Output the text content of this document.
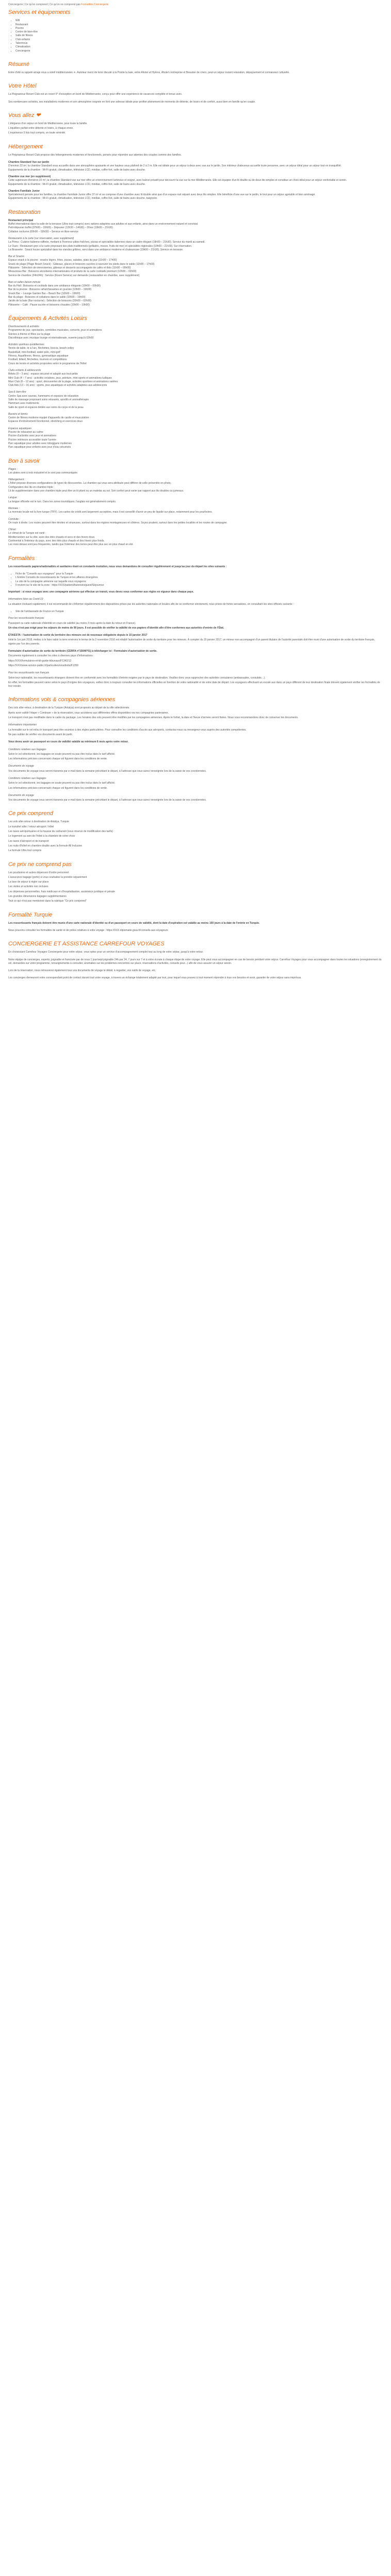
Conciergerie | Ce qu'on comprend | Ce qu'on ne comprend pas Formalités Conciergerie
Services et équipements
• Wifi
• Restaurant
• Piscine
• Centre de bien-être
• Salle de fitness
• Club enfants
• Tabernous
• Climatisation
• Conciergerie
Résumé

Entre d'été ou appelé amaje vous a soleil méditerranéen ☀. Autoleur merci de tenir discuté à la Pointe la baie, entre Ahotel et Hyères, Ahotel s'entreprise et Beaurier de criers, peut un séjour instant relaxation, dépaysement et connaissez culturelle.

Votre Hôtel

La Peignaneuz Resort Club est un resort 5* d'exception en bord de Méditerranée, conçu pour offrir une expérience de vacances complète et tenue avec.

Ses nombreuses activités, ses installations modernes et son atmosphère soignée en font une adresse idéale pour profiter pleinement de moments de détente, de loisirs et de confort, aussi bien en famille qu'en couple.

Vous allez ❤

L'élégance d'un séjour en bord de Méditerranée, pour toute la famille.

L'équilibre parfait entre détente et loisirs, à chaque envie.

L'expérience 5 fois tout compris, en toute sérénité.

Hébergement

Le Peignaneuz Resort Club propose des hébergements modernes et fonctionnels, pensés pour répondre aux attentes des couples comme des familles.

Chambre Standard Vue sur jardin

D'environ 22 m², la chambre Standard vous accueille dans une atmosphère apaisante et une hauteur sous plafond de 2 à 2 m. Elle est idéale pour un séjour à deux avec vue sur le jardin. Son intérieur chaleureux accueille toute personne, avec un séjour idéal pour un séjour tout en tranquillité.

Équipements de la chambre : Wi-Fi gratuit, climatisation, télévision LCD, minibar, coffre-fort, salle de bains avec douche.

Chambre vue mer (en supplément)

Cette supérieure d'environ 22 m², la chambre Standard vue sur mer offre un environnement lumineux et soigné, avec balcon privatif pour découvrir la vue sur la mer Méditerranée. Elle est équipée d'un lit double ou de deux lits simples et constitue un choix idéal pour un séjour confortable et serein.

Équipements de la chambre : Wi-Fi gratuit, climatisation, télévision LCD, minibar, coffre-fort, salle de bains avec douche.

Chambre Familiale Junior

Spécialement pensée pour les familles, la chambre Familiale Junior offre 37 m² et se compose d'une chambre avec lit double ainsi que d'un espace nuit séparé avec deux lits simples. Elle bénéficie d'une vue sur le jardin, le tout pour un séjour agréable et bien aménagé.

Équipements de la chambre : Wi-Fi gratuit, climatisation, télévision LCD, minibar, coffre-fort, salle de bains avec douche, baignoire.

Restauration

Restaurant principal

Buffet international dans la salle de la terrasse (Ultra tout compris) avec options adaptées aux adultes et aux enfants, ainsi dans un environnement naturel et convivial.

Petit-déjeuner buffet (07h00 – 10h00) – Déjeuner (12h30 – 14h30) – Dîner (19h00 – 21h30)

Collation nocturne (00h00 – 02h00) – Service en libre-service

Restaurants à la carte (sur réservation, avec supplément)

La Prima : Cuisine italienne raffinée, mettant à l'honneur pâtes fraîches, pizzas et spécialités italiennes dans un cadre élégant (19h00 – 21h30). Service du mardi au samedi.

Le Ouzo : Restaurant grec à la carte proposant des plats traditionnels (grillades, mezze, fruits de mer) et spécialités régionales (19h00 – 21h30). Sur réservation.

La Brasserie : Snack house spécialisé dans les viandes grillées, servi dans une ambiance moderne et chaleureuse (19h00 – 21h30). Service en terrasse.

Bar et Snacks

Espace snack à la piscine : snacks légers, frites, pizzas, salades, plats du jour (11h00 – 17h00)

Snack de plage (Plage Beach Snack) : Gâteaux, glaces et boissons sucrées à savourer les pieds dans le sable (11h00 – 17h00)

Pâtisserie : Sélection de viennoiseries, gâteaux et desserts accompagnés de cafés et thés (11h00 – 00h00)

Mixsuoreau Bar : Boissons alcoolisées internationales et produits de la carte cocktails premium (10h00 – 02h00)

Service de chambre (24h/24h) : Service (Room Service) sur demande (restauration en chambre, avec supplément)

Bars et salles liaison-minute

Bar du Hall : Boissons et cocktails dans une ambiance élégante (10h00 – 00h00)

Bar de la piscine : Boissons rafraîchissantes en journée (10h00 – 19h00)

Snack Bar – Lounge Garden Bar – Beach Bar (10h00 – 19h00)

Bar du plage : Boissons et collations dans le sable (10h00 – 19h00)

Jardin de la baie (Bar nocturne) : Sélection de boissons (20h00 – 02h00)

Pâtisserie – Café : Pause sucrée et boissons chaudes (10h00 – 19h00)

Équipements & Activités Loisirs

Divertissements & activités

Programme de jour, spectacles, comédies musicales, concerts, jeux et animations

Soirées à thème et fêtes sur la plage

Discothèque avec musique lounge et internationale, ouverte jusqu'à 02h00

Activités sportives quotidiennes

Tennis de table, tir à l'arc, fléchettes, boccia, beach-volley

Basketball, mini-football, water-polo, mini-golf

Fitness, Aquafitness, fitness, gymnastique aquatique

Football, billard, fléchettes, tournois et compétitions

Cours de tennis et activités proposées selon le programme de l'hôtel

Clubs enfants & adolescents

Bébés (0 – 3 ans) : espace sécurisé et adapté aux tout-petits

Mini Club (4 – 7 ans) : activités créatives, jeux, peinture, mini-sports et animations ludiques

Maxi Club (8 – 12 ans) : sport, découvertes de la plage, activités sportives et animations variées

Club Ado (13 – 16 ans) : sports, jeux aquatiques et activités adaptées aux adolescents

Spa & bien-être

Centre Spa avec saunas, hammams et espaces de relaxation

Salle de massage proposant soins relaxants, sportifs et aromathérapie

Hammam avec traitements

Salle de sport et espaces dédiés aux soins du corps et de la peau

Bassins et tennis

Centre de fitness moderne équipé d'appareils de cardio et musculation

Espaces d'entraînement fonctionnel, stretching et exercices doux

Espaces aquatiques

Piscine de relaxation au calme

Piscine d'activités avec jeux et animations

Piscine intérieure accessible toute l'année

Parc aquatique pour adultes avec toboggans modernes

Parc aquatique pour enfants avec jeux d'eau sécurisés

Bon à savoir

Plages :

Les plates sont à trois industriel et le sont pas communiquée.

Hébergement :

L'hôtel propose diverses configurations de types de découvertes. La chambre qui vous sera attribuée peut différer de celle présentée en photo.

Configuration des lits en chambre triple :

Lit de supplémentaire dans une chambre triple peut être un lit pliant ou un matelas au sol. Son confort peut varier par rapport aux lits doubles ou jumeaux.

Langue :

La langue officielle est le turc. Dans les zones touristiques, l'anglais est généralement compris.

Monnaie :

La monnaie locale est la livre turque (TRY). Les cartes de crédit sont largement acceptées, mais il est conseillé d'avoir un peu de liquide sur place, notamment pour les pourboires.

Conduite :

On roule à droite. Les routes peuvent être étroites et sinueuses, surtout dans les régions montagneuses et côtières. Soyez prudent, surtout dans les petites localités et les routes de campagne.

Climat :

Le climat de la Turquie est varié :

Méditerranéen sur la côte, avec des étés chauds et secs et des hivers doux.

Continental à l'intérieur du pays, avec des étés plus chauds et des hivers plus froids.

Les mois idéaux sont peu fréquentés, tandis que l'intérieur des terres peut être plus sec en plus chaud en été.

Formalités

Les ressortissants papiers/nationalités et sanitaires étant en constante évolution, nous vous demandons de consulter régulièrement et jusqu'au jour du départ les sites suivants :

• Fiche de "Conseils aux voyageurs" pour la Turquie
• L'Entrée Conseils de ressortissants de Turquie et les affaires étrangères
• Le site de la compagnie aérienne sur laquelle vous voyagerez
• Il revient sur le site de la zone : https://XXX/patient/Autorisés/guest/Séjournez

Important : si vous voyagez avec une compagnie aérienne qui effectue un transit, vous devez vous conformer aux règles en vigueur dans chaque pays.

Informations liées au Covid-19

La situation évoluant rapidement, il est recommandé de s'informer régulièrement des dispositions prises par les autorités nationales et locales afin de se conformer strictement, nous prions de fortes sensations, en consultant les sites officiels suivants :

• Site de l'ambassade de France en Turquie

Pour les ressortissants français

Passeport ou carte nationale d'identité en cours de validité (au moins 3 mois après la date du retour en France).

Un visa n'est pas exigé pour les séjours de moins de 90 jours. Il est possible de vérifier la validité de vos papiers d'identité afin d'être conformes aux autorités d'entrée de l'État.

ETA/ESTA : l'autorisation de sortie du territoire des mineurs est de nouveaux obligatoire depuis le 15 janvier 2017

Initié le 1er juin 2018, mettez à le faire valoir la terre environs le terme de la 2 novembre 2016 est rétabli l'autorisation de sortie du territoire pour les mineurs. À compter du 15 janvier 2017, un mineur non accompagné d'un parent titulaire de l'autorité parentale doit être muni d'une autorisation de sortie du territoire français, signée par l'un des parents.

Formulaire d'autorisation de sortie du territoire (CERFA n°15646*01) à télécharger ici : Formulaire d'autorisation de sortie.

Documents également à consulter les sites à diverses pays d'informations :

https://XXX/formulaires-et-kit-guide-tribunaux/F1342/12

https://XXX/www.service-public.fr/particuliers/vosdroits/F1359

Pour les ressortissants non français

Selon leur nationalité, les ressortissants étrangers doivent être en conformité avec les formalités d'entrée exigées par le pays de destination. Veuillez donc vous rapprocher des autorités consulaires (ambassades, consulats…).

En effet, les formalités peuvent varier selon le pays d'origine des voyageurs, veillez donc à toujours consulter les informations officielles en fonction de votre nationalité et de votre date de départ. Les voyageurs effectuant un escale aux dans un pays différent de leur destination finale doivent également vérifier les formalités de leur escale.

Informations vols & compagnies aériennes

Des vols aller-retour, à destination de la Turquie (Antalya) sont proposés au départ de la ville sélectionnée.

Après avoir validé l'étape « Continuer » de la réservation, vous accèderez aux différentes offres disponibles via nos compagnies partenaires.

Le transport n'est pas modifiable dans le cadre du package. Les horaires des vols peuvent être modifiés par les compagnies aériennes. Après le forfait, la date et l'heure d'arrivée seront fixées. Nous vous recommandons donc de conserver les documents.

Informations importantes

La formalité sur le vol et/ou le transport peut être soumise à des règles particulières. Pour connaître les conditions d'accès aux aéroports, contactez-nous ou renseignez-vous auprès des autorités compétentes.

Ne pas oublier de vérifier vos documents avant de partir.

Vous devez avoir un passeport en cours de validité valable au minimum 6 mois après votre retour.

Conditions relatives aux bagages

Selon le vol sélectionné, les bagages en soute peuvent ou pas être inclus dans le tarif affiché.

Les informations précises concernant chaque vol figurent dans les conditions de vente.

Documents de voyage

Vos documents de voyage vous seront transmis par e-mail dans la semaine précédant le départ, à l'adresse que vous aurez renseignée lors de la saisie de vos coordonnées.

Conditions relatives aux bagages

Selon le vol sélectionné, les bagages en soute peuvent ou pas être inclus dans le tarif affiché.

Les informations précises concernant chaque vol figurent dans les conditions de vente.

Documents de voyage

Vos documents de voyage vous seront transmis par e-mail dans la semaine précédant le départ, à l'adresse que vous aurez renseignée lors de la saisie de vos coordonnées.

Ce prix comprend

Les vols aller-retour à destination de Antalya, Turquie

Le transfert aller / retour aéroport / hôtel

Les taxes aéroportuaires et la hausse du carburant (sous réserve de modification des tarifs)

Le logement au sein de l'hôtel à la chambre de votre choix

Les taxes d'aéroport et de transport

Les nuits d'hôtel en chambre double avec la formule All Inclusive

La formule Ultra tout compris

Ce prix ne comprend pas

Les pourboires et autres dépenses d'ordre personnel

L'assurance bagage (perte) si vous souhaitez la prendre séparément

La taxe de séjour à régler sur place

Les visites et activités non incluses

Les dépenses personnelles, frais médicaux et d'hospitalisation, assistance juridique et pénale

Les grandes dimensions bagages supplémentaires

Tout ce qui n'est pas mentionné dans la rubrique "Ce prix comprend"

Formalité Turquie

Les ressortissants français doivent être munis d'une carte nationale d'identité ou d'un passeport en cours de validité, dont la date d'expiration est valable au moins 150 jours à la date de l'entrée en Turquie.

Nous pouvons consulter les formalités de santé et de police relatives à votre voyage : https://XXX.diplomatie.gouv.fr/conseils-aux-voyageurs

CONCIERGERIE ET ASSISTANCE CARREFOUR VOYAGES

En choisissant Carrefour Voyages Conciergerie pour votre séjour, vous optez pour un service d'accompagnement complet tout au long de votre séjour, jusqu'à votre retour.

Notre équipe de concierges, experts, joignable et francisée par de nous 1 jour/sept joignable 24h par 24, 7 jours sur 7 et à votre écoute à chaque étape de votre voyage. Elle peut vous accompagner en cas de besoin pendant votre séjour. Carrefour Voyages pour vous accompagner dans toutes les situations (enregistrement du vol, demandes sur votre programme, renseignements à consulter, anomalies sur les problèmes rencontrés sur place, réservations d'activités, conseils pour...) afin de vous assurer un séjour serein.

Lors de la réservation, nous retrouverez également tous vos documents de voyage le détail, à regarder, vos outils de voyage, etc.

Les concierges demeurent votre correspondant point de contact durant tout votre voyage, à travers un échange totalement adapté par tout, pour lequel vous pouvez à tout moment répondre à tous vos besoins et avoir, garantie de votre séjour sans imprévus.
